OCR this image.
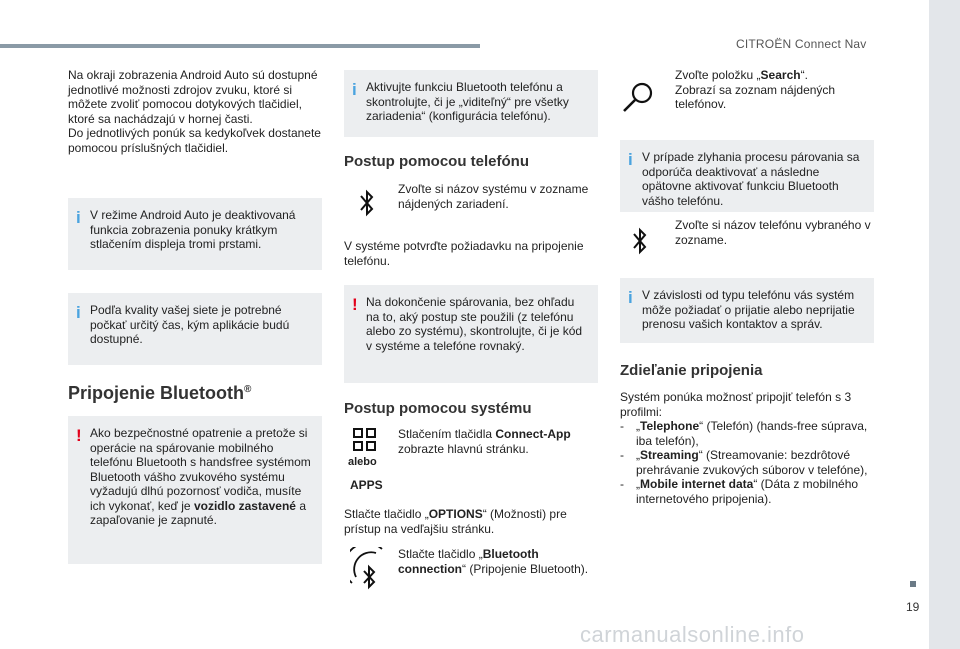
CITROËN Connect Nav
19
carmanualsonline.info

Na okraji zobrazenia Android Auto sú dostupné jednotlivé možnosti zdrojov zvuku, ktoré si môžete zvoliť pomocou dotykových tlačidiel, ktoré sa nachádzajú v hornej časti.

Do jednotlivých ponúk sa kedykoľvek dostanete pomocou príslušných tlačidiel.

i V režime Android Auto je deaktivovaná funkcia zobrazenia ponuky krátkym stlačením displeja tromi prstami.

i Podľa kvality vašej siete je potrebné počkať určitý čas, kým aplikácie budú dostupné.

Pripojenie Bluetooth®
! Ako bezpečnostné opatrenie a pretože si operácie na spárovanie mobilného telefónu Bluetooth s handsfree systémom Bluetooth vášho zvukového systému vyžadujú dlhú pozornosť vodiča, musíte ich vykonať, keď je vozidlo zastavené a zapaľovanie je zapnuté.

i Aktivujte funkciu Bluetooth telefónu a skontrolujte, či je „viditeľný“ pre všetky zariadenia“ (konfigurácia telefónu).

Postup pomocou telefónu
Zvoľte si názov systému v zozname nájdených zariadení.
V systéme potvrďte požiadavku na pripojenie telefónu.
! Na dokončenie spárovania, bez ohľadu na to, aký postup ste použili (z telefónu alebo zo systému), skontrolujte, či je kód v systéme a telefóne rovnaký.

Postup pomocou systému
alebo
APPS
Stlačením tlačidla Connect-App zobrazte hlavnú stránku.
Stlačte tlačidlo „OPTIONS“ (Možnosti) pre prístup na vedľajšiu stránku.
Stlačte tlačidlo „Bluetooth connection“ (Pripojenie Bluetooth).

Zvoľte položku „Search“.

Zobrazí sa zoznam nájdených telefónov.

i V prípade zlyhania procesu párovania sa odporúča deaktivovať a následne opätovne aktivovať funkciu Bluetooth vášho telefónu.

Zvoľte si názov telefónu vybraného v zozname.
i V závislosti od typu telefónu vás systém môže požiadať o prijatie alebo neprijatie prenosu vašich kontaktov a správ.

Zdieľanie pripojenia

Systém ponúka možnosť pripojiť telefón s 3 profilmi:

- „Telephone“ (Telefón) (hands-free súprava, iba telefón),
- „Streaming“ (Streamovanie: bezdrôtové prehrávanie zvukových súborov v telefóne),
- „Mobile internet data“ (Dáta z mobilného internetového pripojenia).
